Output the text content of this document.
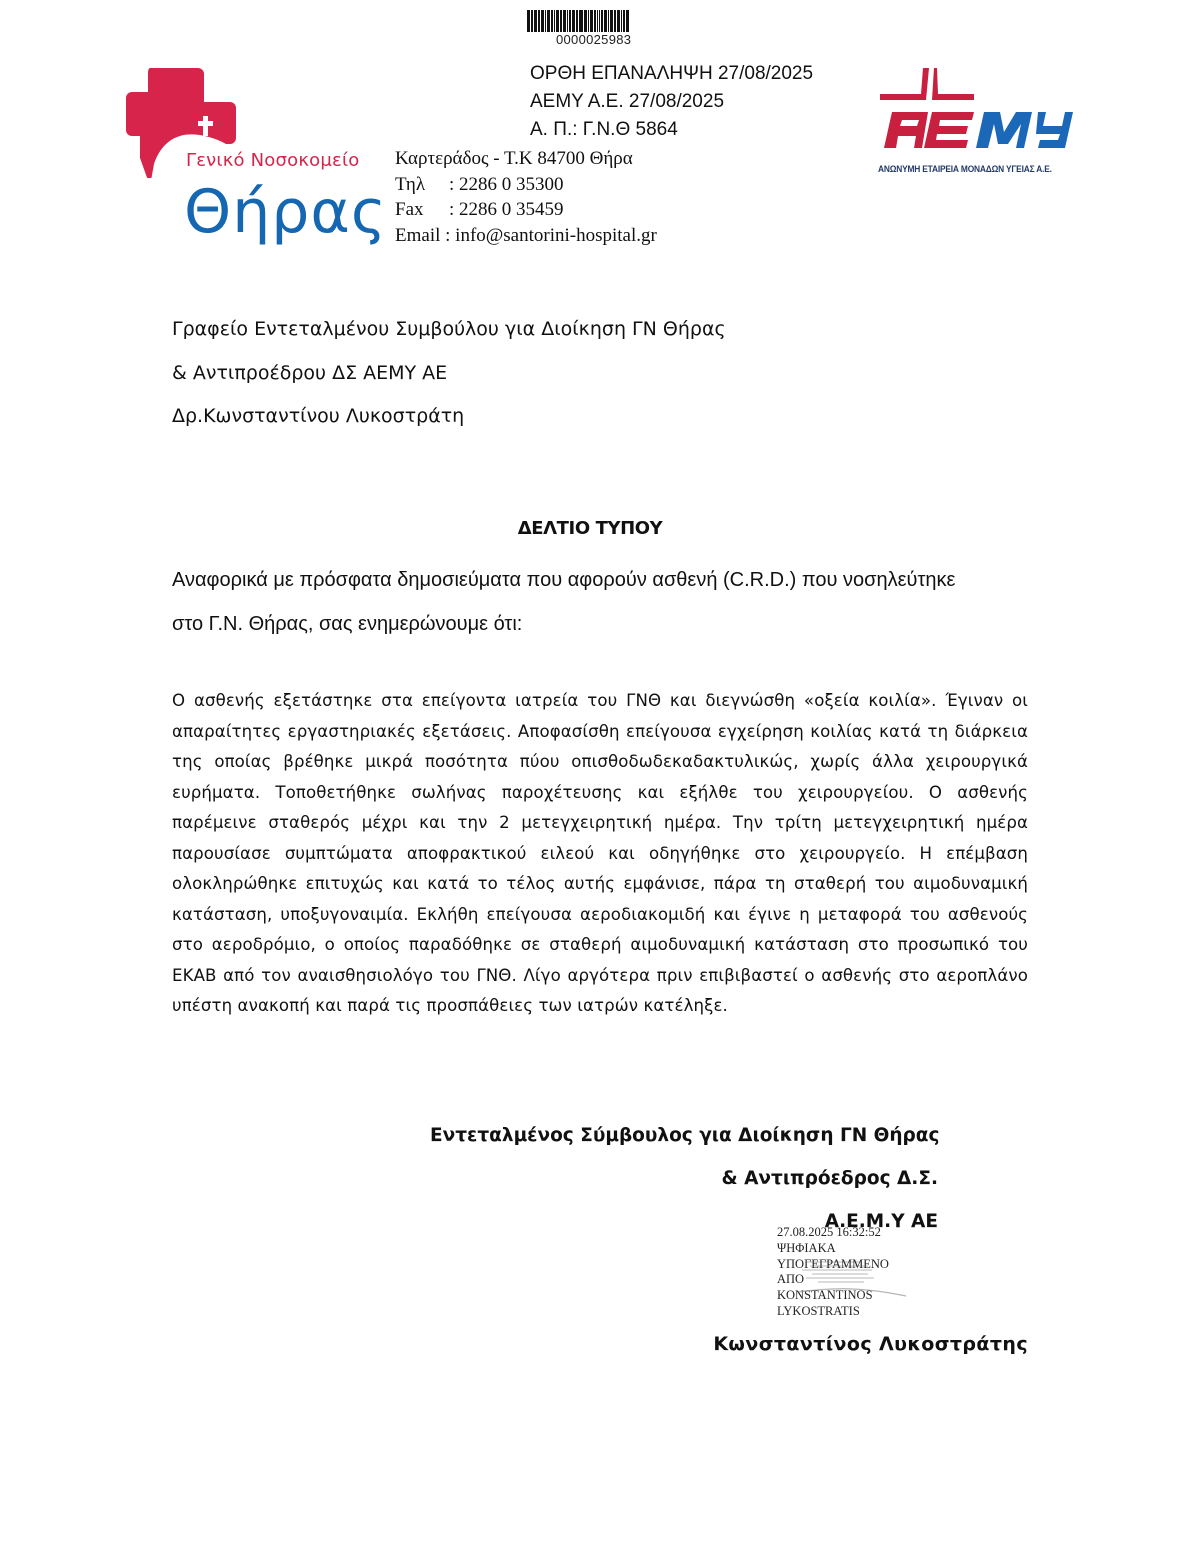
0000025983
ΟΡΘΗ ΕΠΑΝΑΛΗΨΗ 27/08/2025
ΑΕΜΥ Α.Ε. 27/08/2025
Α. Π.: Γ.Ν.Θ 5864
Γενικό Νοσοκομείο
Θήρας
Καρτεράδος - Τ.Κ 84700 Θήρα
Τηλ : 2286 0 35300
Fax : 2286 0 35459
Email : info@santorini-hospital.gr
ΑΝΩΝΥΜΗ ΕΤΑΙΡΕΙΑ ΜΟΝΑΔΩΝ ΥΓΕΙΑΣ Α.Ε.
Γραφείο Εντεταλμένου Συμβούλου για Διοίκηση ΓΝ Θήρας
& Αντιπροέδρου ΔΣ ΑΕΜΥ ΑΕ
Δρ.Κωνσταντίνου Λυκοστράτη
ΔΕΛΤΙΟ ΤΥΠΟΥ
Αναφορικά με πρόσφατα δημοσιεύματα που αφορούν ασθενή (C.R.D.) που νοσηλεύτηκε
στο Γ.Ν. Θήρας, σας ενημερώνουμε ότι:
Ο ασθενής εξετάστηκε στα επείγοντα ιατρεία του ΓΝΘ και διεγνώσθη «οξεία κοιλία». Έγιναν οι απαραίτητες εργαστηριακές εξετάσεις. Αποφασίσθη επείγουσα εγχείρηση κοιλίας κατά τη διάρκεια της οποίας βρέθηκε μικρά ποσότητα πύου οπισθοδωδεκαδακτυλικώς, χωρίς άλλα χειρουργικά ευρήματα. Τοποθετήθηκε σωλήνας παροχέτευσης και εξήλθε του χειρουργείου. Ο ασθενής παρέμεινε σταθερός μέχρι και την 2 μετεγχειρητική ημέρα. Την τρίτη μετεγχειρητική ημέρα παρουσίασε συμπτώματα αποφρακτικού ειλεού και οδηγήθηκε στο χειρουργείο. Η επέμβαση ολοκληρώθηκε επιτυχώς και κατά το τέλος αυτής εμφάνισε, πάρα τη σταθερή του αιμοδυναμική κατάσταση, υποξυγοναιμία. Εκλήθη επείγουσα αεροδιακομιδή και έγινε η μεταφορά του ασθενούς στο αεροδρόμιο, ο οποίος παραδόθηκε σε σταθερή αιμοδυναμική κατάσταση στο προσωπικό του ΕΚΑΒ από τον αναισθησιολόγο του ΓΝΘ. Λίγο αργότερα πριν επιβιβαστεί ο ασθενής στο αεροπλάνο υπέστη ανακοπή και παρά τις προσπάθειες των ιατρών κατέληξε.
Εντεταλμένος Σύμβουλος για Διοίκηση ΓΝ Θήρας
& Αντιπρόεδρος Δ.Σ.
Α.Ε.Μ.Υ ΑΕ
27.08.2025 16:32:52
ΨΗΦΙΑΚΑ
ΥΠΟΓΕΓΡΑΜΜΕΝΟ
ΑΠΟ
KONSTANTINOS
LYKOSTRATIS
Κωνσταντίνος Λυκοστράτης
